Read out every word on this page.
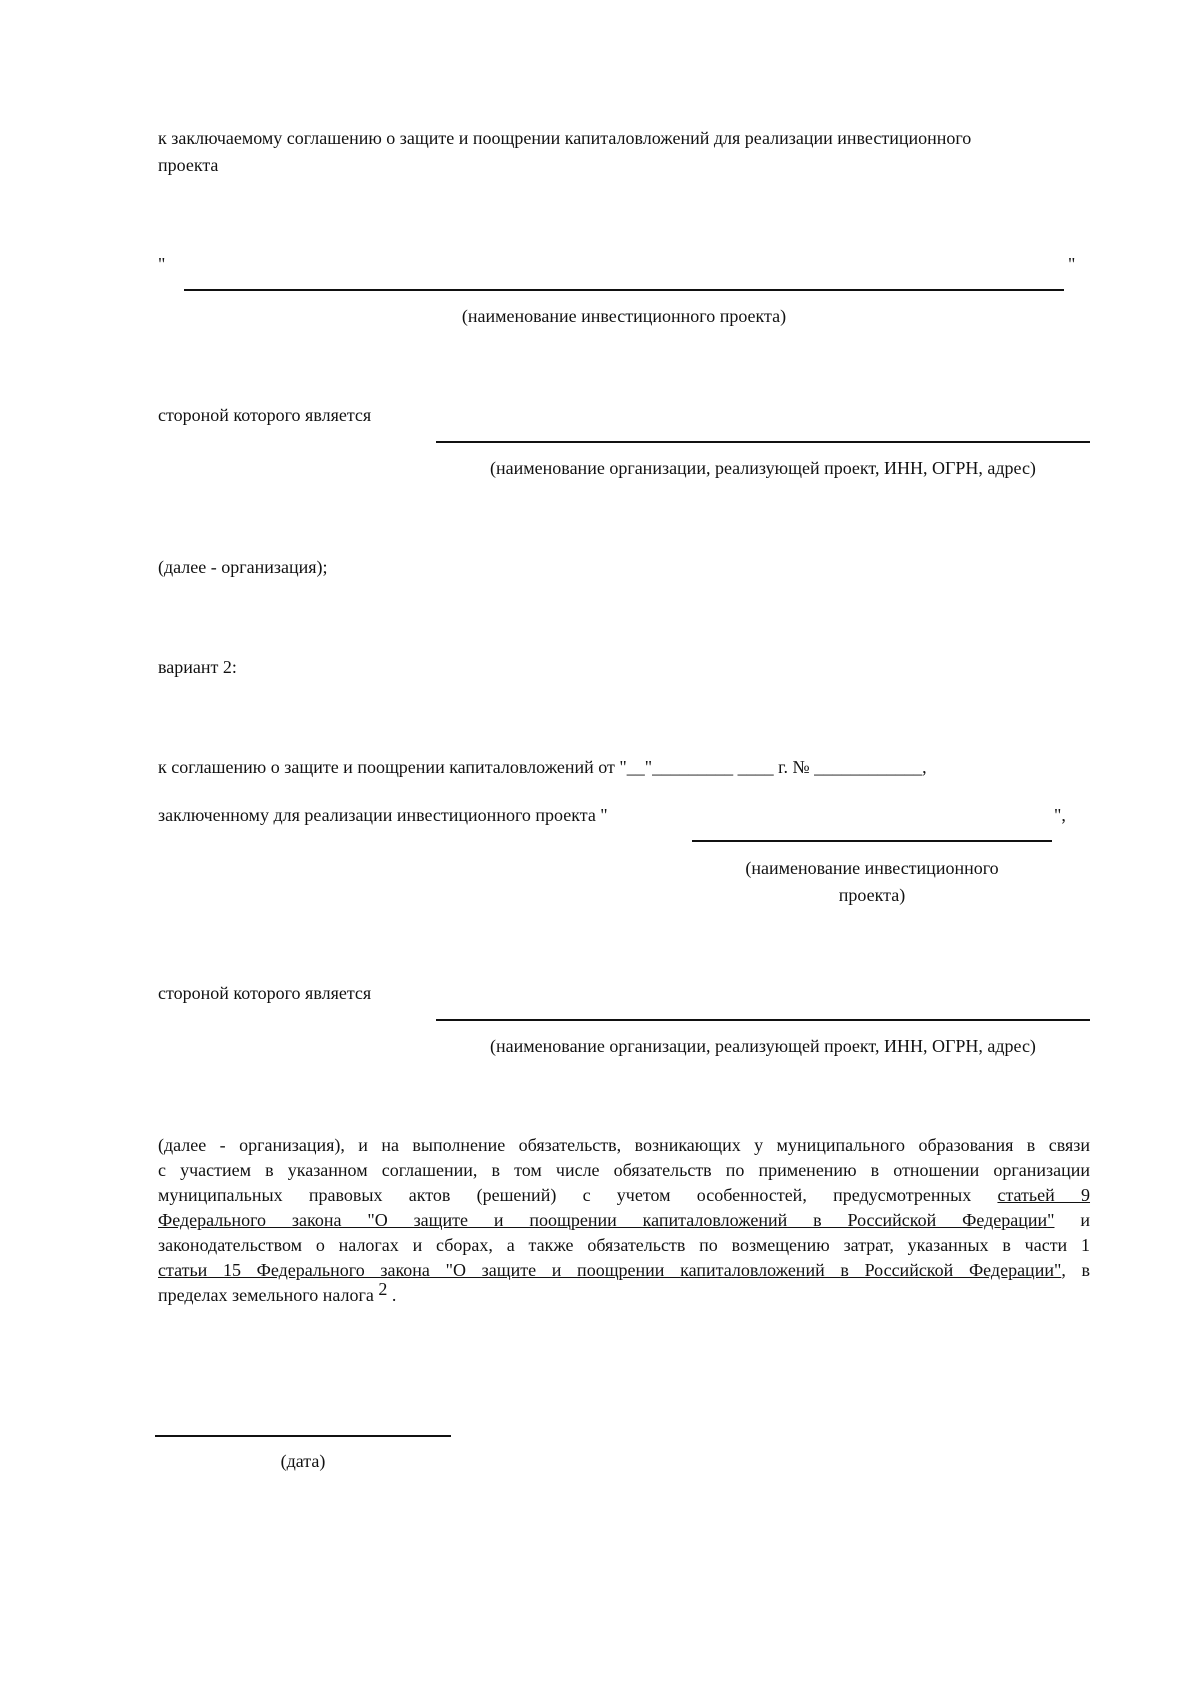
к заключаемому соглашению о защите и поощрении капиталовложений для реализации инвестиционного
проекта
"	"
(наименование инвестиционного проекта)
стороной которого является
(наименование организации, реализующей проект, ИНН, ОГРН, адрес)
(далее - организация);
вариант 2:
к соглашению о защите и поощрении капиталовложений от "__"_________ ____ г. № ____________,
заключенному для реализации инвестиционного проекта "	",
(наименование инвестиционного
проекта)
стороной которого является
(наименование организации, реализующей проект, ИНН, ОГРН, адрес)
(далее - организация), и на выполнение обязательств, возникающих у муниципального образования в связи
с участием в указанном соглашении, в том числе обязательств по применению в отношении организации
муниципальных правовых актов (решений) с учетом особенностей, предусмотренных статьей 9
Федерального закона "О защите и поощрении капиталовложений в Российской Федерации" и
законодательством о налогах и сборах, а также обязательств по возмещению затрат, указанных в части 1
статьи 15 Федерального закона "О защите и поощрении капиталовложений в Российской Федерации", в
пределах земельного налога $^2$ .
(дата)
